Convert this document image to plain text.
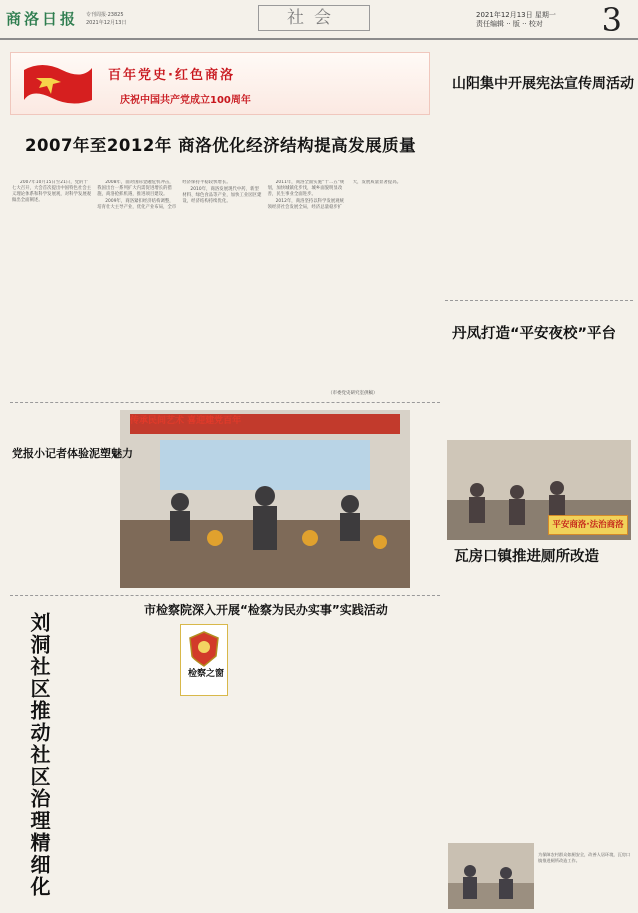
商洛日报 专刊周报·23825
2021年12月13日	社会	2021年12月13日 星期一
责任编辑 ·· 版 ·· 校对	3
百年党史·红色商洛
庆祝中国共产党成立100周年
2007年至2012年 商洛优化经济结构提高发展质量
2007年10月15日至21日，党的十七大召开，大会首次提出中国特色社会主义理论体系和科学发展观，对科学发展观做出全面阐述。
2008年，面对国际金融危机冲击，我国出台一系列扩大内需促进增长的措施，商洛抢抓机遇，推进项目建设。
2009年，商洛紧扣经济结构调整，培育壮大主导产业，优化产业布局，全市经济保持平稳较快增长。
2010年，商洛发展现代中药、新型材料、绿色食品等产业，加快工业园区建设，经济结构持续优化。
2011年，商洛全面实施“十二五”规划，加快城镇化步伐，城乡面貌明显改善，民生事业全面进步。
2012年，商洛坚持以科学发展观统领经济社会发展全局，经济总量稳步扩大，发展质量显著提高。
（市委党史研究室供稿）
山阳集中开展宪法宣传周活动
丹凤打造“平安夜校”平台
瓦房口镇推进厕所改造
传承民间艺术 喜迎建党百年
平安商洛·法治商洛
党报小记者体验泥塑魅力
刘洞社区推动社区治理精细化
市检察院深入开展“检察为民办实事”实践活动
检察之窗
为保障农村群众如厕安全，改善人居环境，瓦房口镇推进厕所改造工作。
